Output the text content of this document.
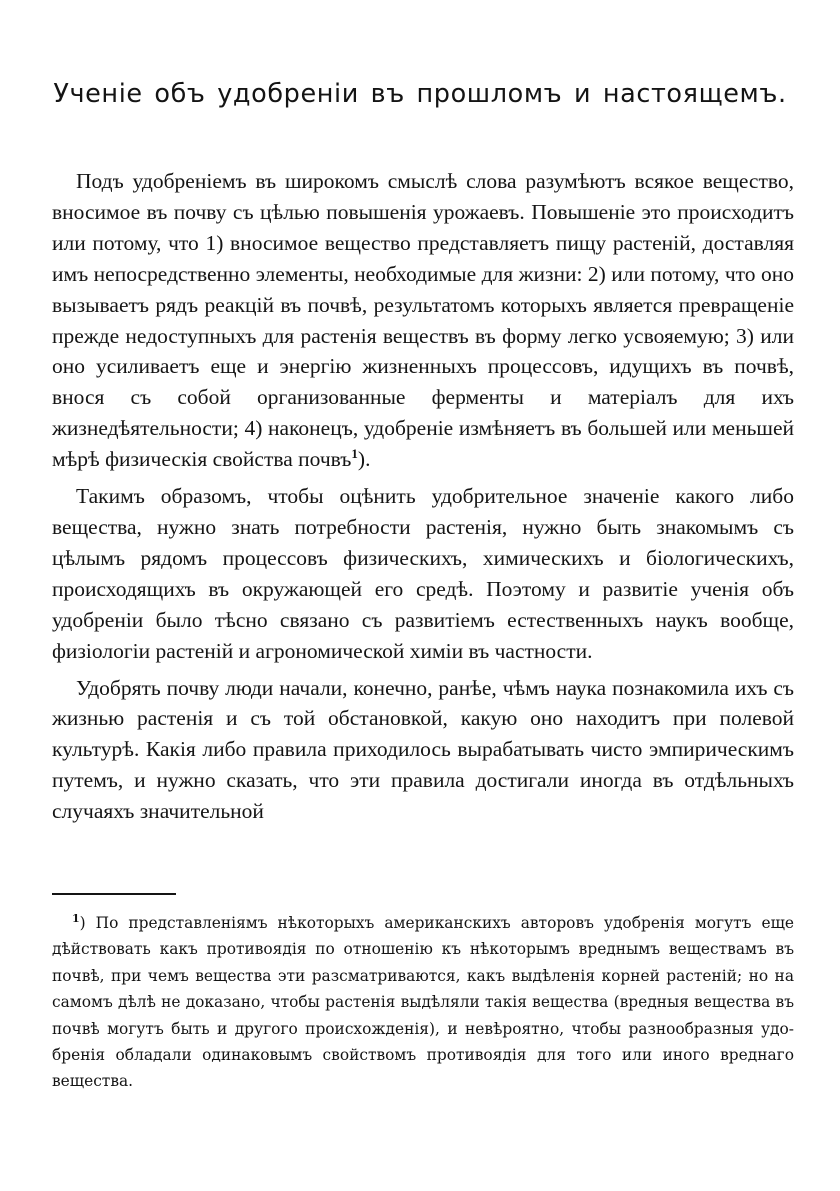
Ученіе объ удобреніи въ прошломъ и настоящемъ.

Подъ удобреніемъ въ широкомъ смыслѣ слова разумѣютъ всякое вещество, вносимое въ почву съ цѣлью повышенія урожаевъ. Повышеніе это происходитъ или потому, что 1) вносимое вещество представляетъ пищу растеній, доставляя имъ непосредственно элементы, необходимые для жизни: 2) или потому, что оно вызываетъ рядъ реакцій въ почвѣ, результатомъ которыхъ является превращеніе прежде недоступныхъ для растенія веществъ въ форму легко усвояемую; 3) или оно усиливаетъ еще и энергію жизненныхъ процессовъ, идущихъ въ почвѣ, внося съ собой организованные ферменты и матеріалъ для ихъ жизнедѣятельности; 4) наконецъ, удобреніе измѣняетъ въ большей или меньшей мѣрѣ физическія свойства почвъ$^1$).

Такимъ образомъ, чтобы оцѣнить удобрительное значеніе какого либо вещества, нужно знать потребности растенія, нужно быть знакомымъ съ цѣлымъ рядомъ процессовъ физическихъ, химическихъ и біологическихъ, происходящихъ въ окружающей его средѣ. Поэтому и развитіе ученія объ удобреніи было тѣсно связано съ развитіемъ естественныхъ наукъ вообще, физіологіи растеній и агрономической химіи въ частности.

Удобрять почву люди начали, конечно, ранѣе, чѣмъ наука познакомила ихъ съ жизнью растенія и съ той обстановкой, какую оно находитъ при полевой культурѣ. Какія либо правила приходилось вырабатывать чисто эмпирическимъ путемъ, и нужно сказать, что эти правила достигали иногда въ отдѣльныхъ случаяхъ значительной

$^1$) По представленіямъ нѣкоторыхъ американскихъ авторовъ удобренія могутъ еще дѣйствовать какъ противоядія по отношенію къ нѣкоторымъ вреднымъ веществамъ въ почвѣ, при чемъ вещества эти разсматриваются, какъ выдѣленія корней растеній; но на самомъ дѣлѣ не доказано, чтобы растенія выдѣляли такія вещества (вредныя вещества въ почвѣ могутъ быть и другого происхожденія), и невѣроятно, чтобы разнообразныя удобренія обладали одинаковымъ свойствомъ противоядія для того или иного вреднаго вещества.
